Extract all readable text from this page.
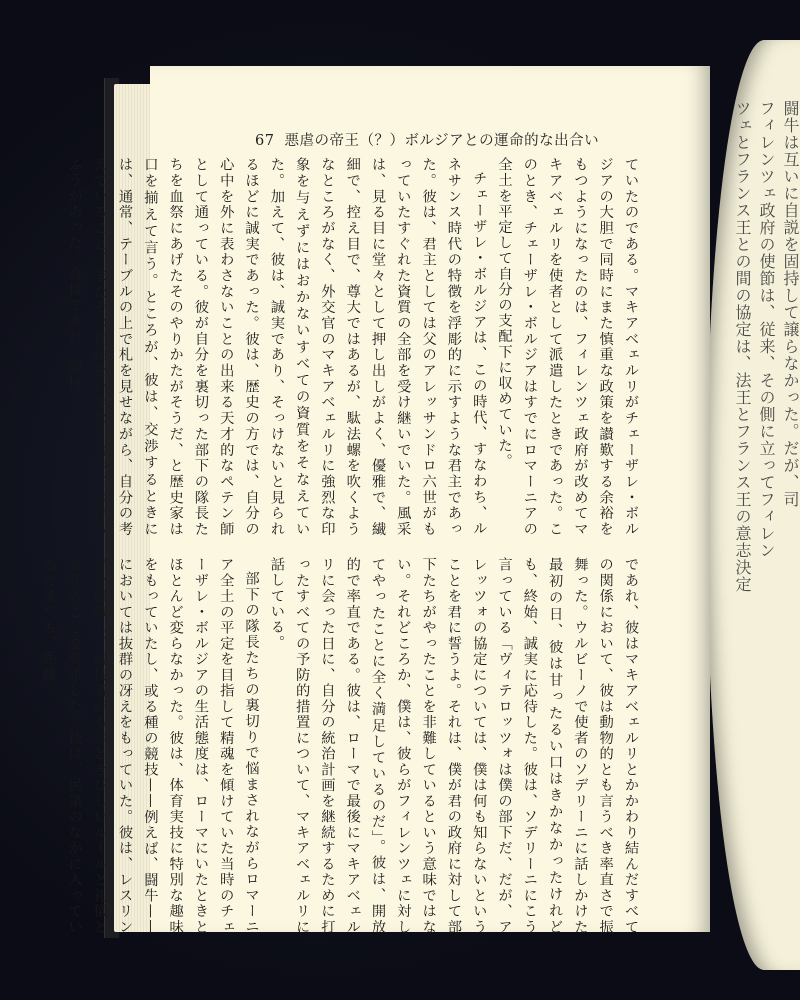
闘牛は互いに自説を固持して譲らなかった。だが、司

フィレンツェ政府の使節は、従来、その側に立ってフィレン

ツェとフランス王との間の協定は、法王とフランス王の意志決定

67 悪虐の帝王（？）ボルジアとの運命的な出合い

ていたのである。マキアベェルリがチェーザレ・ボルジアの大胆で同時にまた慎重な政策を讃歎する余裕をもつようになったのは、フィレンツェ政府が改めてマキアベェルリを使者として派遣したときであった。このとき、チェーザレ・ボルジアはすでにロマーニアの全土を平定して自分の支配下に収めていた。

チェーザレ・ボルジアは、この時代、すなわち、ルネサンス時代の特徴を浮彫的に示すような君主であった。彼は、君主としては父のアレッサンドロ六世がもっていたすぐれた資質の全部を受け継いでいた。風采は、見る目に堂々として押し出しがよく、優雅で、繊細で、控え目で、尊大ではあるが、駄法螺を吹くようなところがなく、外交官のマキアベェルリに強烈な印象を与えずにはおかないすべての資質をそなえていた。加えて、彼は、誠実であり、そっけないと見られるほどに誠実であった。彼は、歴史の方では、自分の心中を外に表わさないことの出来る天才的なペテン師として通っている。彼が自分を裏切った部下の隊長たちを血祭にあげたそのやりかたがそうだ、と歴史家は口を揃えて言う。ところが、彼は、交渉するときには、通常、テーブルの上で札を見せながら、自分の考えていること、またその理由をいきなり言ってのけるふうがあった。直接であれ、間接

であれ、彼はマキアベェルリとかかわり結んだすべての関係において、彼は動物的とも言うべき率直さで振舞った。ウルビーノで使者のソデリーニに話しかけた最初の日、彼は甘ったるい口はきかなかったけれども、終始、誠実に応待した。彼は、ソデリーニにこう言っている「ヴィテロッツォは僕の部下だ、だが、アレッツォの協定については、僕は何も知らないということを君に誓うよ。それは、僕が君の政府に対して部下たちがやったことを非難しているという意味ではない。それどころか、僕は、彼らがフィレンツェに対してやったことに全く満足しているのだ」。彼は、開放的で率直である。彼は、ローマで最後にマキアベェルリに会った日に、自分の統治計画を継続するために打ったすべての予防的措置について、マキアベェルリに話している。

部下の隊長たちの裏切りで悩まされながらロマーニア全土の平定を目指して精魂を傾けていた当時のチェーザレ・ボルジアの生活態度は、ローマにいたときとほとんど変らなかった。彼は、体育実技に特別な趣味をもっていたし、或る種の競技——例えば、闘牛——においては抜群の冴えをもっていた。彼は、レスリングを組織し、競技者がもっときびしいルールと礼儀とを守ることを要求した。彼は、民衆のなかに入っているときでも、距離
